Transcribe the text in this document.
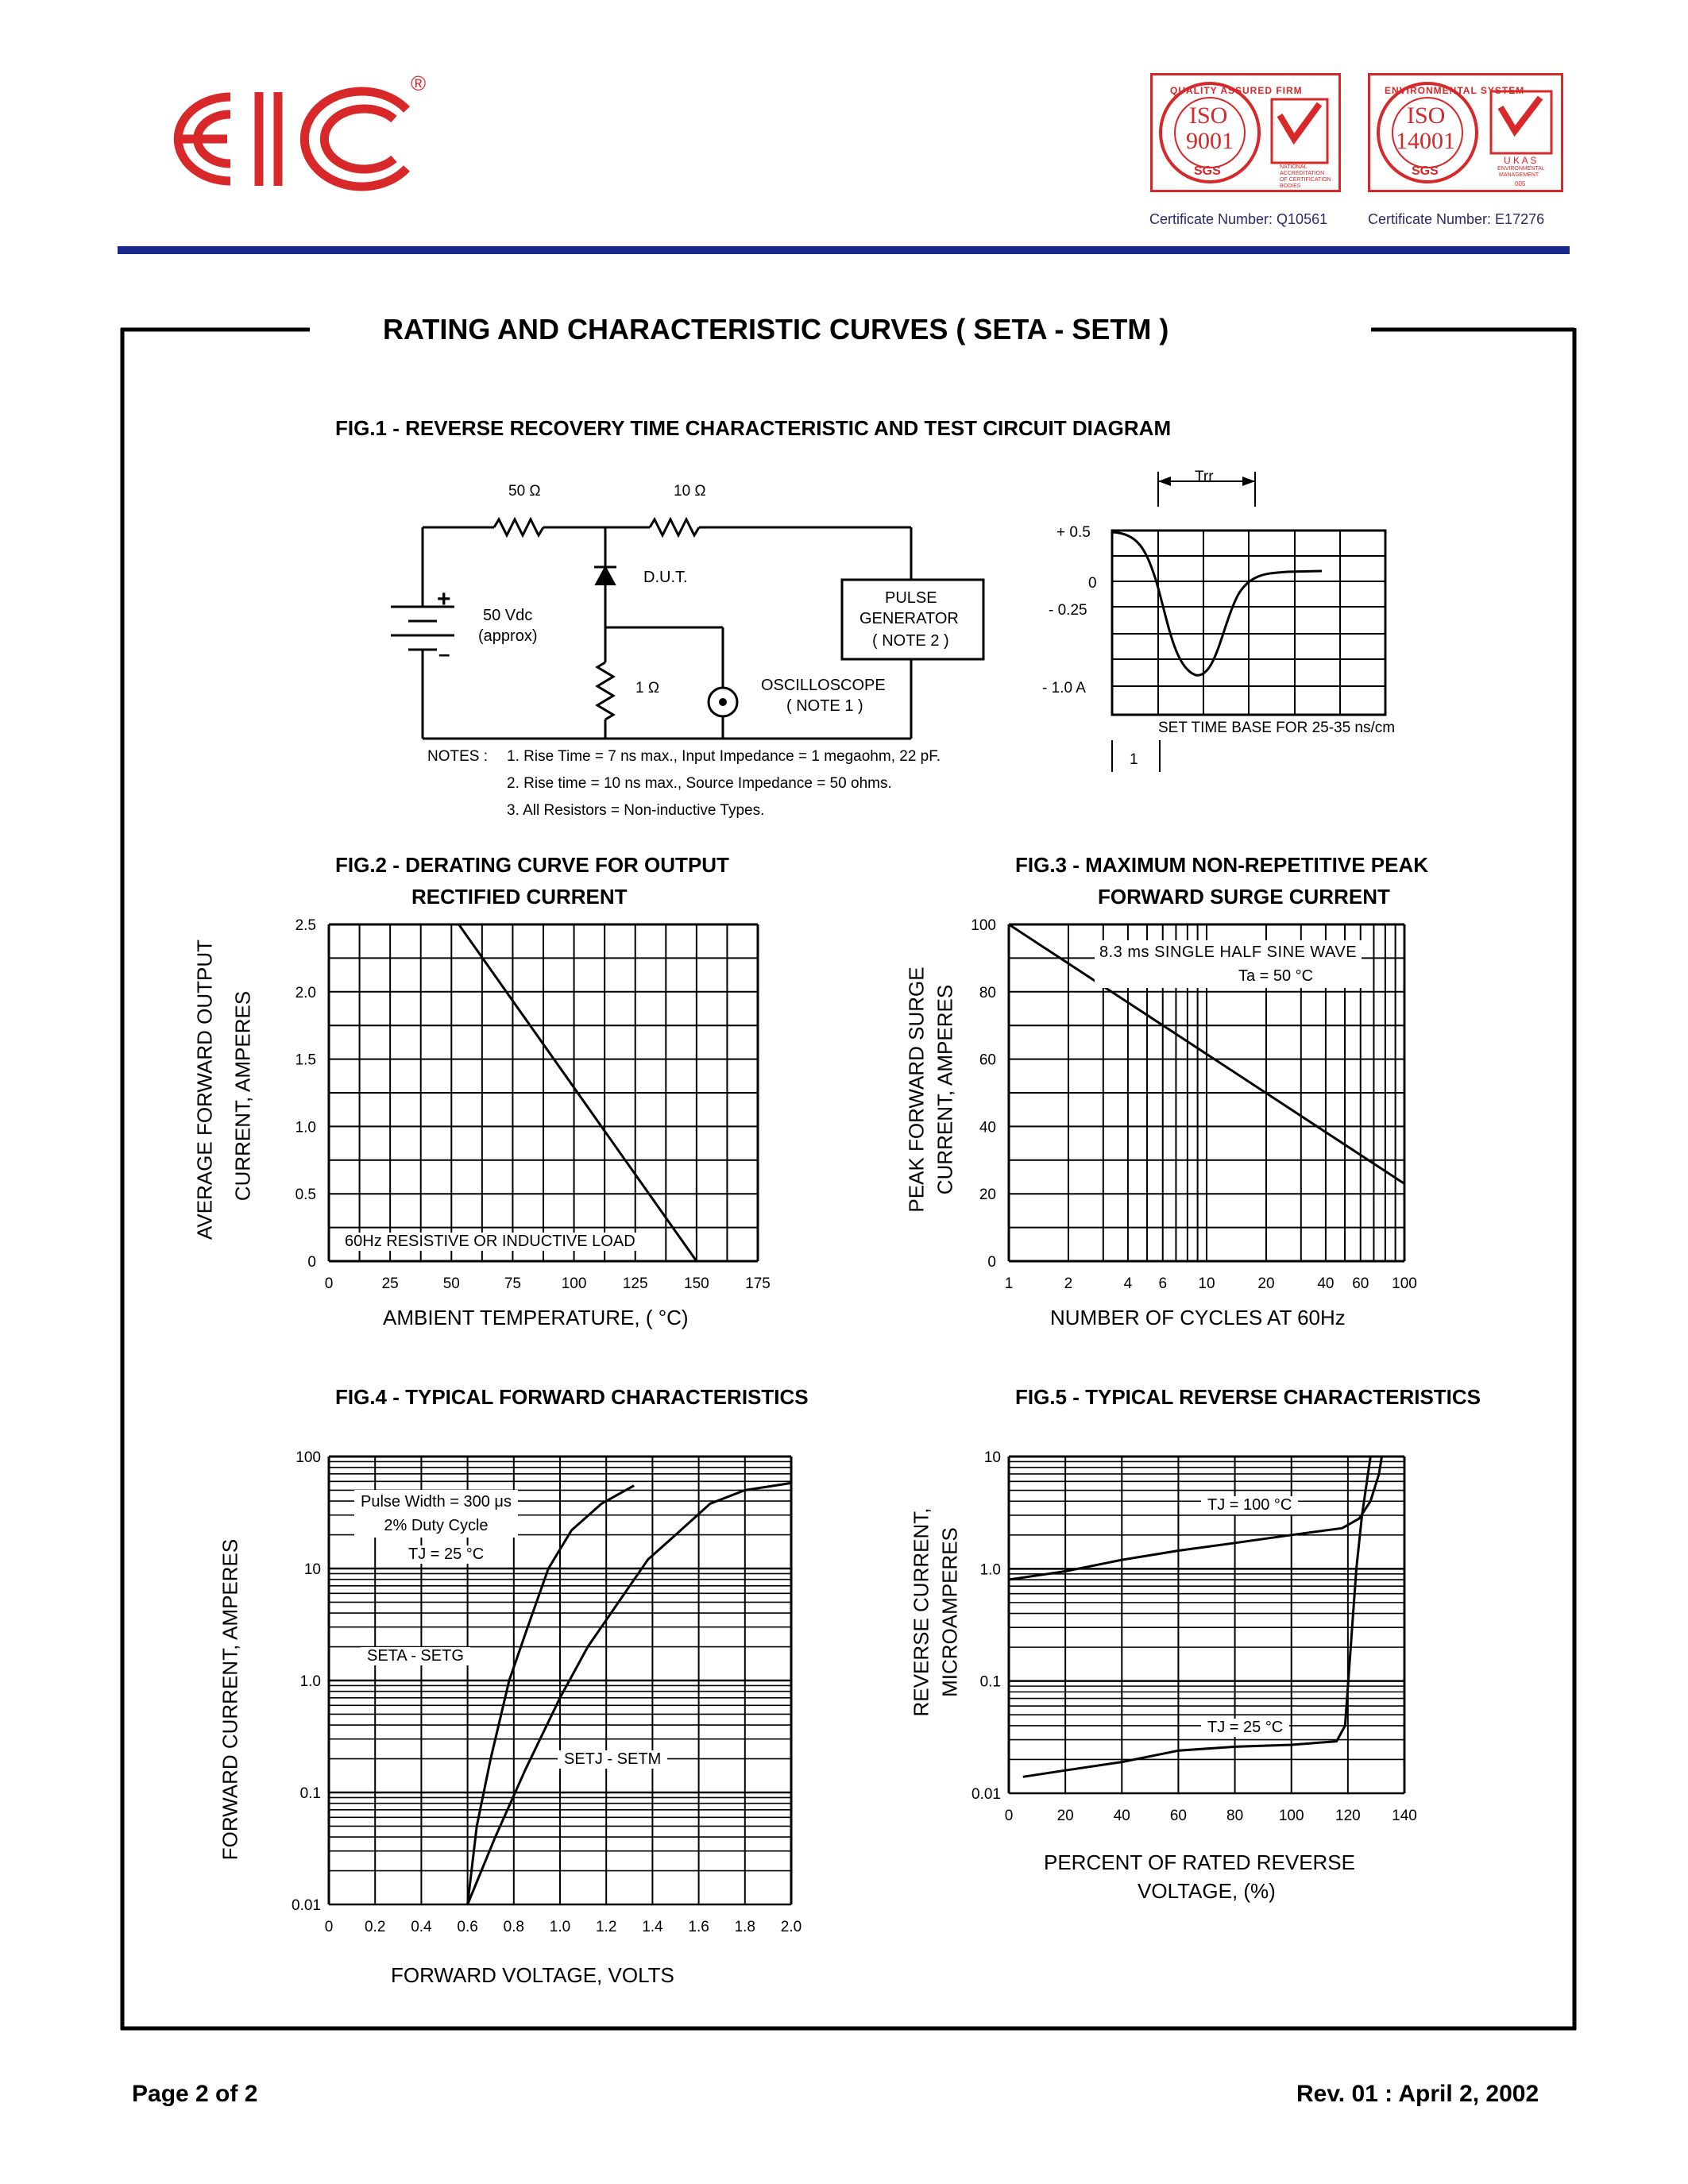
®	QUALITY ASSURED FIRM
ISO
9001
SGS	NATIONAL
ACCREDITATION
OF CERTIFICATION
BODIES
Certificate Number: Q10561
ENVIRONMENTAL SYSTEM
ISO
14001
SGS
U K A S
ENVIRONMENTAL
MANAGEMENT
005
Certificate Number: E17276
RATING AND CHARACTERISTIC CURVES ( SETA - SETM )
FIG.1 - REVERSE RECOVERY TIME CHARACTERISTIC AND TEST CIRCUIT DIAGRAM
50 Ω	10 Ω
D.U.T.
+
–
50 Vdc
(approx)
1 Ω	OSCILLOSCOPE
( NOTE 1 )
PULSE
GENERATOR
( NOTE 2 )
NOTES : 1. Rise Time = 7 ns max., Input Impedance = 1 megaohm, 22 pF.
2. Rise time = 10 ns max., Source Impedance = 50 ohms.
3. All Resistors = Non-inductive Types.
Trr
+ 0.5
0
- 0.25
- 1.0 A
SET TIME BASE FOR 25-35 ns/cm
1
FIG.2 - DERATING CURVE FOR OUTPUT
RECTIFIED CURRENT
AVERAGE FORWARD OUTPUT CURRENT, AMPERES
AMBIENT TEMPERATURE, ( °C)
0	25	50	75	100 125 150 175
2.5
2.0
1.5
1.0
0.5
0
60Hz RESISTIVE OR INDUCTIVE LOAD
FIG.3 - MAXIMUM NON-REPETITIVE PEAK
FORWARD SURGE CURRENT
PEAK FORWARD SURGE CURRENT, AMPERES
NUMBER OF CYCLES AT 60Hz
1	2	4 6 10	20	40 60 100
100
80
60
40
20
0
8.3 ms SINGLE HALF SINE WAVE
Ta = 50 °C
FIG.4 - TYPICAL FORWARD CHARACTERISTICS
FORWARD CURRENT, AMPERES
FORWARD VOLTAGE, VOLTS
0 0.2 0.4 0.6 0.8 1.0 1.2 1.4 1.6 1.8 2.0
100
10
1.0
0.1
0.01
Pulse Width = 300 μs
2% Duty Cycle
TJ = 25 °C
SETA - SETG
SETJ - SETM
FIG.5 - TYPICAL REVERSE CHARACTERISTICS
REVERSE CURRENT, MICROAMPERES
PERCENT OF RATED REVERSE
VOLTAGE, (%)
0	20	40	60	80 100 120 140
10
1.0
0.1
0.01
TJ = 100 °C
TJ = 25 °C
Page 2 of 2	Rev. 01 : April 2, 2002
